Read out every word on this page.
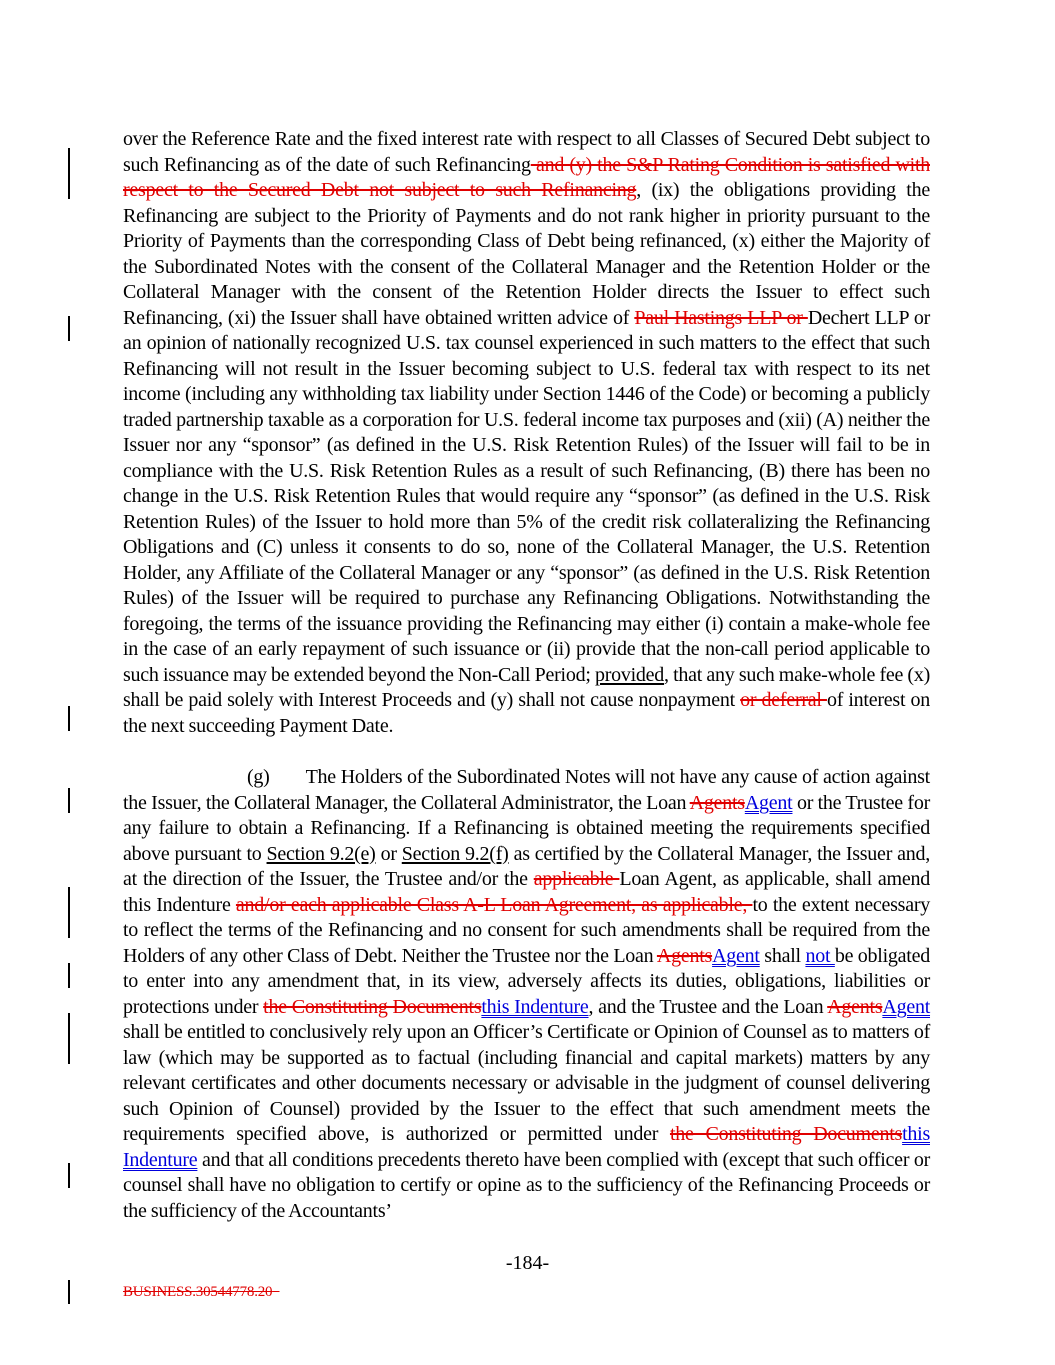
over the Reference Rate and the fixed interest rate with respect to all Classes of Secured Debt subject to such Refinancing as of the date of such Refinancing and (y) the S&P Rating Condition is satisfied with respect to the Secured Debt not subject to such Refinancing, (ix) the obligations providing the Refinancing are subject to the Priority of Payments and do not rank higher in priority pursuant to the Priority of Payments than the corresponding Class of Debt being refinanced, (x) either the Majority of the Subordinated Notes with the consent of the Collateral Manager and the Retention Holder or the Collateral Manager with the consent of the Retention Holder directs the Issuer to effect such Refinancing, (xi) the Issuer shall have obtained written advice of Paul Hastings LLP or Dechert LLP or an opinion of nationally recognized U.S. tax counsel experienced in such matters to the effect that such Refinancing will not result in the Issuer becoming subject to U.S. federal tax with respect to its net income (including any withholding tax liability under Section 1446 of the Code) or becoming a publicly traded partnership taxable as a corporation for U.S. federal income tax purposes and (xii) (A) neither the Issuer nor any “sponsor” (as defined in the U.S. Risk Retention Rules) of the Issuer will fail to be in compliance with the U.S. Risk Retention Rules as a result of such Refinancing, (B) there has been no change in the U.S. Risk Retention Rules that would require any “sponsor” (as defined in the U.S. Risk Retention Rules) of the Issuer to hold more than 5% of the credit risk collateralizing the Refinancing Obligations and (C) unless it consents to do so, none of the Collateral Manager, the U.S. Retention Holder, any Affiliate of the Collateral Manager or any “sponsor” (as defined in the U.S. Risk Retention Rules) of the Issuer will be required to purchase any Refinancing Obligations. Notwithstanding the foregoing, the terms of the issuance providing the Refinancing may either (i) contain a make-whole fee in the case of an early repayment of such issuance or (ii) provide that the non-call period applicable to such issuance may be extended beyond the Non-Call Period; provided, that any such make-whole fee (x) shall be paid solely with Interest Proceeds and (y) shall not cause nonpayment or deferral of interest on the next succeeding Payment Date.

(g) The Holders of the Subordinated Notes will not have any cause of action against the Issuer, the Collateral Manager, the Collateral Administrator, the Loan AgentsAgent or the Trustee for any failure to obtain a Refinancing. If a Refinancing is obtained meeting the requirements specified above pursuant to Section 9.2(e) or Section 9.2(f) as certified by the Collateral Manager, the Issuer and, at the direction of the Issuer, the Trustee and/or the applicable Loan Agent, as applicable, shall amend this Indenture and/or each applicable Class A-L Loan Agreement, as applicable, to the extent necessary to reflect the terms of the Refinancing and no consent for such amendments shall be required from the Holders of any other Class of Debt. Neither the Trustee nor the Loan AgentsAgent shall not be obligated to enter into any amendment that, in its view, adversely affects its duties, obligations, liabilities or protections under the Constituting Documentsthis Indenture, and the Trustee and the Loan AgentsAgent shall be entitled to conclusively rely upon an Officer’s Certificate or Opinion of Counsel as to matters of law (which may be supported as to factual (including financial and capital markets) matters by any relevant certificates and other documents necessary or advisable in the judgment of counsel delivering such Opinion of Counsel) provided by the Issuer to the effect that such amendment meets the requirements specified above, is authorized or permitted under the Constituting Documentsthis Indenture and that all conditions precedents thereto have been complied with (except that such officer or counsel shall have no obligation to certify or opine as to the sufficiency of the Refinancing Proceeds or the sufficiency of the Accountants’

-184-
BUSINESS.30544778.20
